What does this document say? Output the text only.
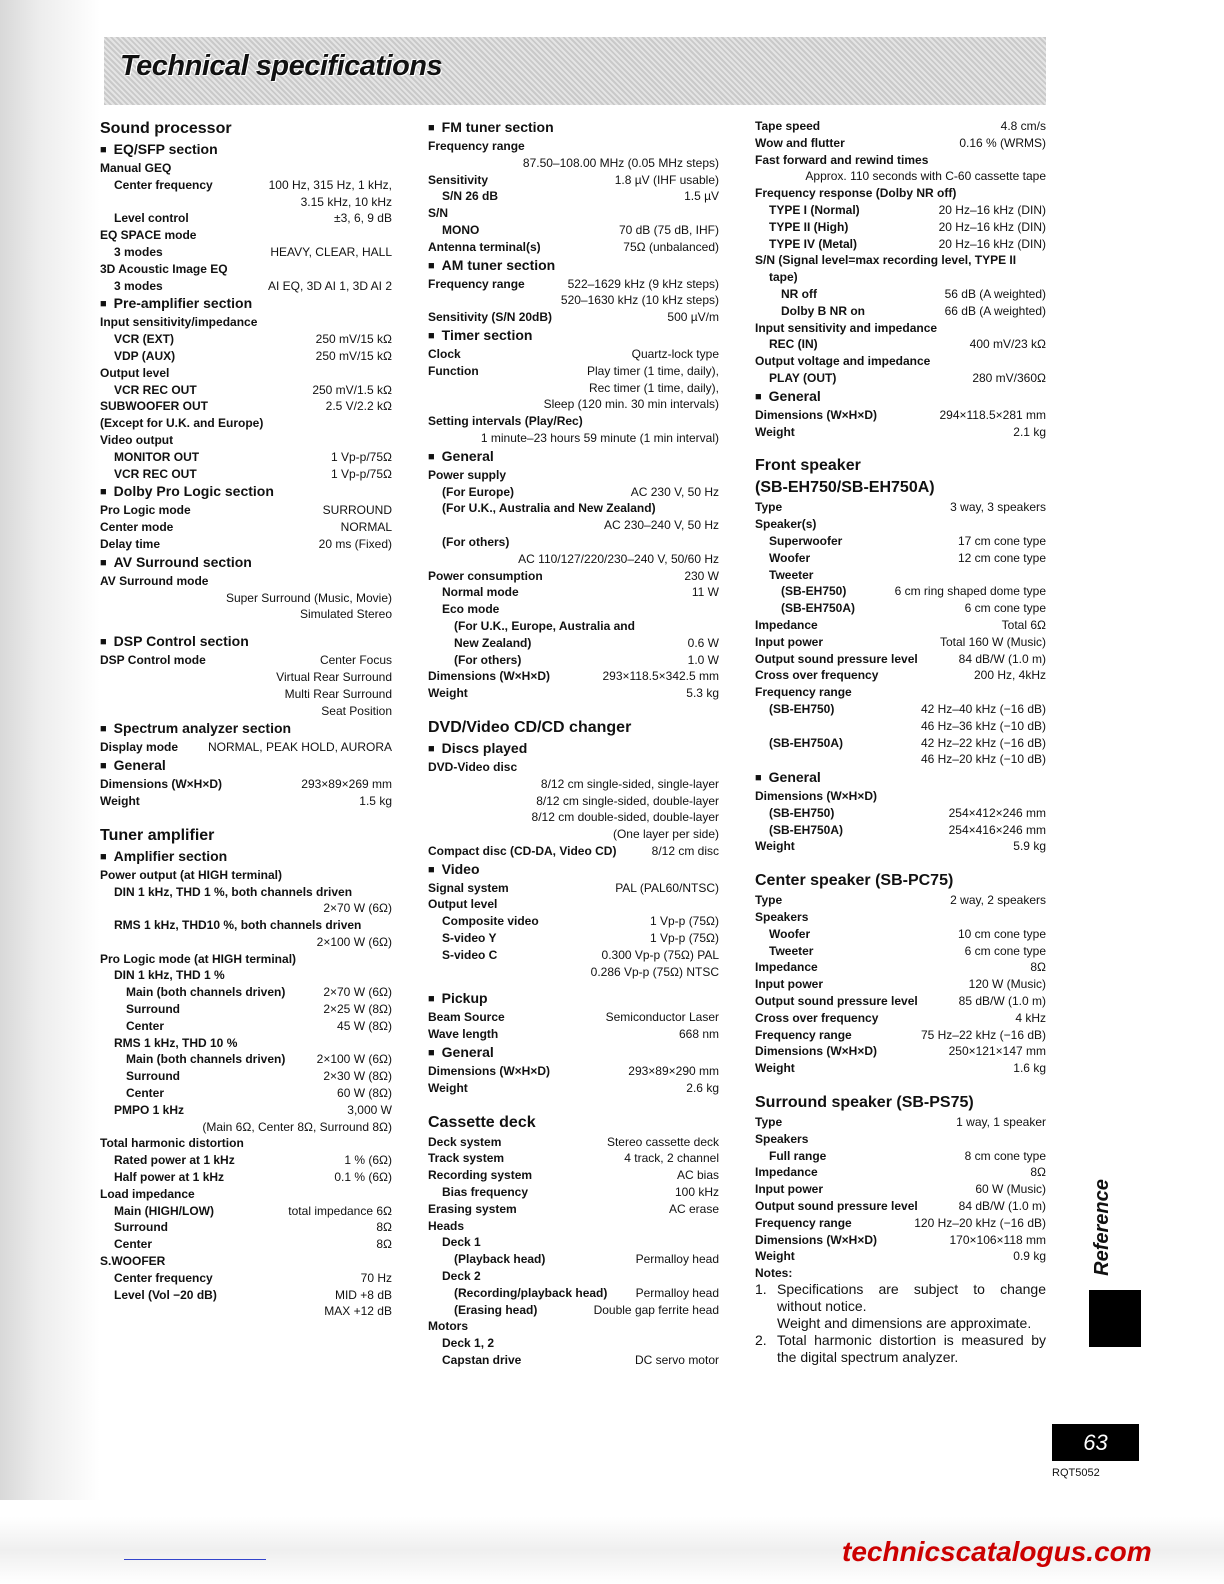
Technical specifications
Sound processor
■ EQ/SFP section
Manual GEQ
Center frequency	100 Hz, 315 Hz, 1 kHz,
3.15 kHz, 10 kHz
Level control	±3, 6, 9 dB
EQ SPACE mode
3 modes	HEAVY, CLEAR, HALL
3D Acoustic Image EQ
3 modes	AI EQ, 3D AI 1, 3D AI 2
■ Pre-amplifier section
Input sensitivity/impedance
VCR (EXT)	250 mV/15 kΩ
VDP (AUX)	250 mV/15 kΩ
Output level
VCR REC OUT	250 mV/1.5 kΩ
SUBWOOFER OUT	2.5 V/2.2 kΩ
(Except for U.K. and Europe)
Video output
MONITOR OUT	1 Vp-p/75Ω
VCR REC OUT	1 Vp-p/75Ω
■ Dolby Pro Logic section
Pro Logic mode	SURROUND
Center mode	NORMAL
Delay time	20 ms (Fixed)
■ AV Surround section
AV Surround mode
Super Surround (Music, Movie)
Simulated Stereo
■ DSP Control section
DSP Control mode	Center Focus
Virtual Rear Surround
Multi Rear Surround
Seat Position
■ Spectrum analyzer section
Display mode NORMAL, PEAK HOLD, AURORA
■ General
Dimensions (W×H×D)	293×89×269 mm
Weight	1.5 kg
Tuner amplifier
■ Amplifier section
Power output (at HIGH terminal)
DIN 1 kHz, THD 1 %, both channels driven
2×70 W (6Ω)
RMS 1 kHz, THD10 %, both channels driven
2×100 W (6Ω)
Pro Logic mode (at HIGH terminal)
DIN 1 kHz, THD 1 %
Main (both channels driven)	2×70 W (6Ω)
Surround	2×25 W (8Ω)
Center	45 W (8Ω)
RMS 1 kHz, THD 10 %
Main (both channels driven)	2×100 W (6Ω)
Surround	2×30 W (8Ω)
Center	60 W (8Ω)
PMPO 1 kHz	3,000 W
(Main 6Ω, Center 8Ω, Surround 8Ω)
Total harmonic distortion
Rated power at 1 kHz	1 % (6Ω)
Half power at 1 kHz	0.1 % (6Ω)
Load impedance
Main (HIGH/LOW)	total impedance 6Ω
Surround	8Ω
Center	8Ω
S.WOOFER
Center frequency	70 Hz
Level (Vol −20 dB)	MID +8 dB
MAX +12 dB
■ FM tuner section
Frequency range
87.50–108.00 MHz (0.05 MHz steps)
Sensitivity	1.8 µV (IHF usable)
S/N 26 dB	1.5 µV
S/N
MONO	70 dB (75 dB, IHF)
Antenna terminal(s)	75Ω (unbalanced)
■ AM tuner section
Frequency range	522–1629 kHz (9 kHz steps)
520–1630 kHz (10 kHz steps)
Sensitivity (S/N 20dB)	500 µV/m
■ Timer section
Clock	Quartz-lock type
Function	Play timer (1 time, daily),
Rec timer (1 time, daily),
Sleep (120 min. 30 min intervals)
Setting intervals (Play/Rec)
1 minute–23 hours 59 minute (1 min interval)
■ General
Power supply
(For Europe)	AC 230 V, 50 Hz
(For U.K., Australia and New Zealand)
AC 230–240 V, 50 Hz
(For others)
AC 110/127/220/230–240 V, 50/60 Hz
Power consumption	230 W
Normal mode	11 W
Eco mode
(For U.K., Europe, Australia and
New Zealand)	0.6 W
(For others)	1.0 W
Dimensions (W×H×D)	293×118.5×342.5 mm
Weight	5.3 kg
DVD/Video CD/CD changer
■ Discs played
DVD-Video disc
8/12 cm single-sided, single-layer
8/12 cm single-sided, double-layer
8/12 cm double-sided, double-layer
(One layer per side)
Compact disc (CD-DA, Video CD)	8/12 cm disc
■ Video
Signal system	PAL (PAL60/NTSC)
Output level
Composite video	1 Vp-p (75Ω)
S-video Y	1 Vp-p (75Ω)
S-video C	0.300 Vp-p (75Ω) PAL
0.286 Vp-p (75Ω) NTSC
■ Pickup
Beam Source	Semiconductor Laser
Wave length	668 nm
■ General
Dimensions (W×H×D)	293×89×290 mm
Weight	2.6 kg
Cassette deck
Deck system	Stereo cassette deck
Track system	4 track, 2 channel
Recording system	AC bias
Bias frequency	100 kHz
Erasing system	AC erase
Heads
Deck 1
(Playback head)	Permalloy head
Deck 2
(Recording/playback head) Permalloy head
(Erasing head)	Double gap ferrite head
Motors
Deck 1, 2
Capstan drive	DC servo motor
Tape speed	4.8 cm/s
Wow and flutter	0.16 % (WRMS)
Fast forward and rewind times
Approx. 110 seconds with C-60 cassette tape
Frequency response (Dolby NR off)
TYPE I (Normal)	20 Hz–16 kHz (DIN)
TYPE II (High)	20 Hz–16 kHz (DIN)
TYPE IV (Metal)	20 Hz–16 kHz (DIN)
S/N (Signal level=max recording level, TYPE II
tape)
NR off	56 dB (A weighted)
Dolby B NR on	66 dB (A weighted)
Input sensitivity and impedance
REC (IN)	400 mV/23 kΩ
Output voltage and impedance
PLAY (OUT)	280 mV/360Ω
■ General
Dimensions (W×H×D)	294×118.5×281 mm
Weight	2.1 kg
Front speaker
(SB-EH750/SB-EH750A)
Type	3 way, 3 speakers
Speaker(s)
Superwoofer	17 cm cone type
Woofer	12 cm cone type
Tweeter
(SB-EH750)	6 cm ring shaped dome type
(SB-EH750A)	6 cm cone type
Impedance	Total 6Ω
Input power	Total 160 W (Music)
Output sound pressure level	84 dB/W (1.0 m)
Cross over frequency	200 Hz, 4kHz
Frequency range
(SB-EH750)	42 Hz–40 kHz (−16 dB)
46 Hz–36 kHz (−10 dB)
(SB-EH750A)	42 Hz–22 kHz (−16 dB)
46 Hz–20 kHz (−10 dB)
■ General
Dimensions (W×H×D)
(SB-EH750)	254×412×246 mm
(SB-EH750A)	254×416×246 mm
Weight	5.9 kg
Center speaker (SB-PC75)
Type	2 way, 2 speakers
Speakers
Woofer	10 cm cone type
Tweeter	6 cm cone type
Impedance	8Ω
Input power	120 W (Music)
Output sound pressure level	85 dB/W (1.0 m)
Cross over frequency	4 kHz
Frequency range	75 Hz–22 kHz (−16 dB)
Dimensions (W×H×D)	250×121×147 mm
Weight	1.6 kg
Surround speaker (SB-PS75)
Type	1 way, 1 speaker
Speakers
Full range	8 cm cone type
Impedance	8Ω
Input power	60 W (Music)
Output sound pressure level	84 dB/W (1.0 m)
Frequency range	120 Hz–20 kHz (−16 dB)
Dimensions (W×H×D)	170×106×118 mm
Weight	0.9 kg
Notes:
1. Specifications are subject to change without notice.
Weight and dimensions are approximate.
2. Total harmonic distortion is measured by the digital spectrum analyzer.
Reference
63
RQT5052
technicscatalogus.com
